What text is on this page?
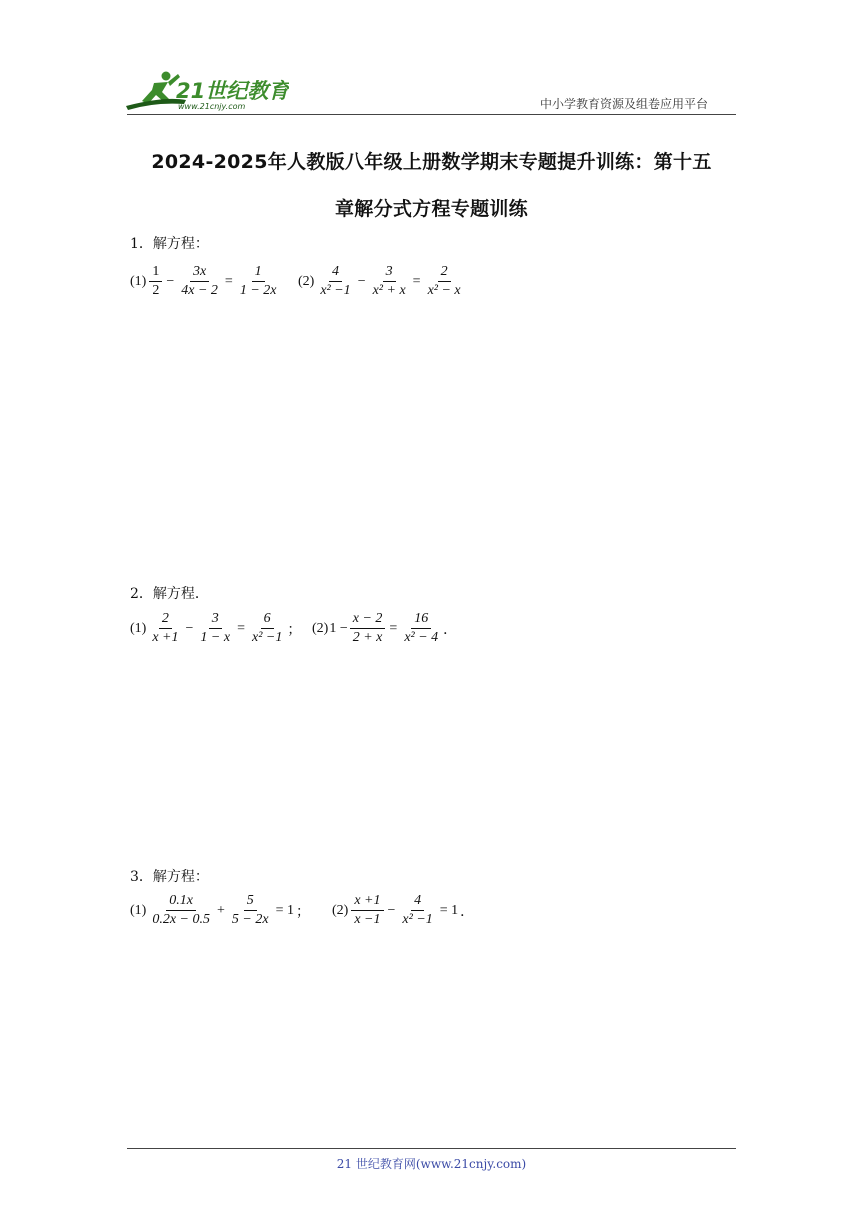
21世纪教育
www.21cnjy.com	中小学教育资源及组卷应用平台
2024-2025年人教版八年级上册数学期末专题提升训练：第十五
章解分式方程专题训练
1．解方程：
$(1) \frac{1}{2} - \frac{3x}{4x - 2} = \frac{1}{1 - 2x} (2) \frac{4}{\text{x² −1}} - \frac{3}{\text{x² + x}} = \frac{2}{\text{x² − x}}$
2．解方程．
$(1) \frac{2}{x +1} - \frac{3}{1 - x} = \frac{6}{\text{x² −1}}$ ； (2) $1 - \frac{x - 2}{2 + x} = \frac{16}{\text{x² − 4}}$ ．
3．解方程：
$(1) \frac{0.1x}{0.2x - 0.5} + \frac{5}{5 - 2x} = 1$ ； $(2) \frac{x +1}{x -1} - \frac{4}{\text{x² −1}} = 1$ ．
21 世纪教育网(www.21cnjy.com)
